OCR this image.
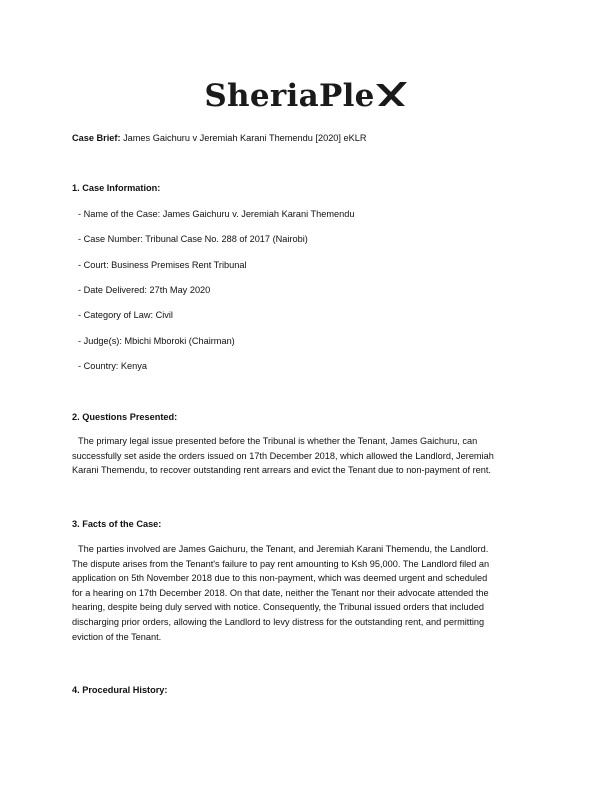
SheriaPle
Case Brief: James Gaichuru v Jeremiah Karani Themendu [2020] eKLR
1. Case Information:
- Name of the Case: James Gaichuru v. Jeremiah Karani Themendu
- Case Number: Tribunal Case No. 288 of 2017 (Nairobi)
- Court: Business Premises Rent Tribunal
- Date Delivered: 27th May 2020
- Category of Law: Civil
- Judge(s): Mbichi Mboroki (Chairman)
- Country: Kenya
2. Questions Presented:
The primary legal issue presented before the Tribunal is whether the Tenant, James Gaichuru, can
successfully set aside the orders issued on 17th December 2018, which allowed the Landlord, Jeremiah
Karani Themendu, to recover outstanding rent arrears and evict the Tenant due to non-payment of rent.
3. Facts of the Case:
The parties involved are James Gaichuru, the Tenant, and Jeremiah Karani Themendu, the Landlord.
The dispute arises from the Tenant's failure to pay rent amounting to Ksh 95,000. The Landlord filed an
application on 5th November 2018 due to this non-payment, which was deemed urgent and scheduled
for a hearing on 17th December 2018. On that date, neither the Tenant nor their advocate attended the
hearing, despite being duly served with notice. Consequently, the Tribunal issued orders that included
discharging prior orders, allowing the Landlord to levy distress for the outstanding rent, and permitting
eviction of the Tenant.
4. Procedural History:
